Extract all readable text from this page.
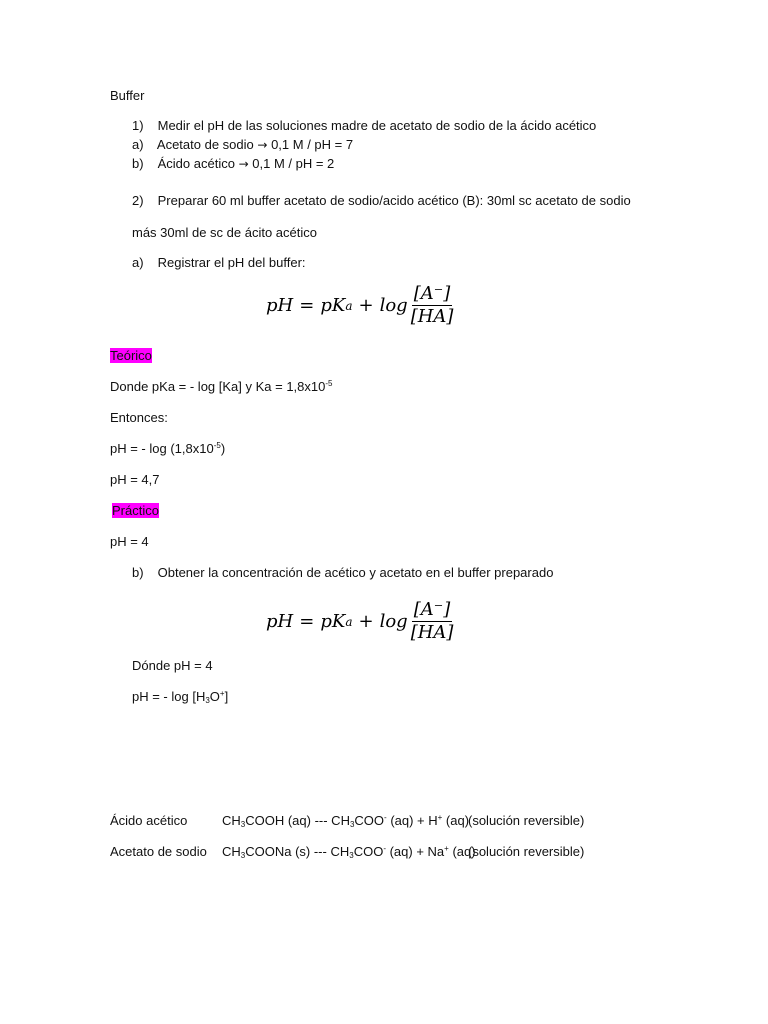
Buffer
1) Medir el pH de las soluciones madre de acetato de sodio de la ácido acético
a) Acetato de sodio → 0,1 M / pH = 7
b) Ácido acético → 0,1 M / pH = 2
2) Preparar 60 ml buffer acetato de sodio/acido acético (B): 30ml sc acetato de sodio
más 30ml de sc de ácito acético
a) Registrar el pH del buffer:
pH = pK $a + \log \frac{[A^-]}{[HA]}$
Teórico
Donde pKa = - log [Ka] y $Ka = 1,8x10^{-5}$
Entonces:
pH = - $\log (1,8x10^{-5})$
pH = 4,7
Práctico
pH = 4
b) Obtener la concentración de acético y acetato en el buffer preparado
pH = pK $a + \log \frac{[A^-]}{[HA]}$
Dónde pH = 4
pH = - $\log [H_3O^+]$
Ácido acético	$CH_3COOH$ (aq) --- $CH_3COO^-$ (aq) + H+ (aq)
(solución reversible)
Acetato de sodio $CH_3COONa$ (s) --- $CH_3COO^-$ (aq) + Na+ (aq)
(solución reversible)
